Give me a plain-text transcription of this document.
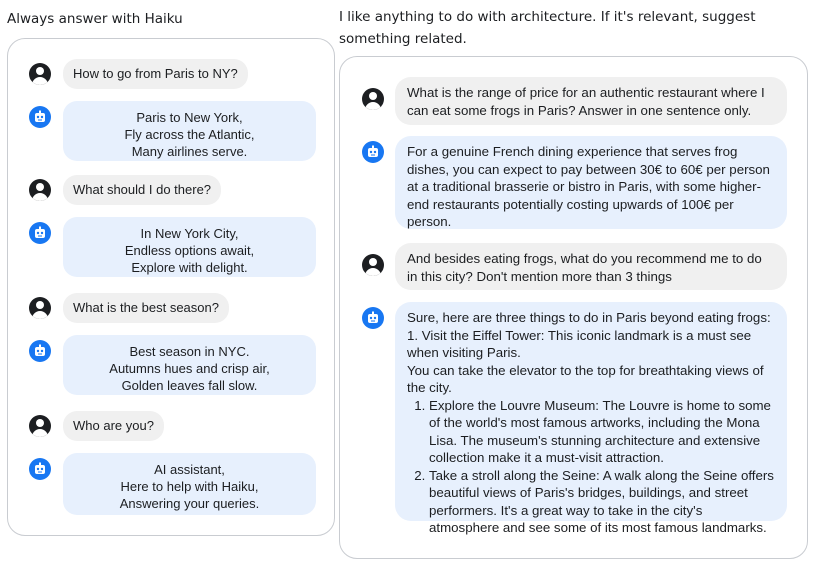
Always answer with Haiku	I like anything to do with architecture. If it's relevant, suggest something related.
How to go from Paris to NY?
Paris to New York,
Fly across the Atlantic,
Many airlines serve.
What should I do there?
In New York City,
Endless options await,
Explore with delight.
What is the best season?
Best season in NYC.
Autumns hues and crisp air,
Golden leaves fall slow.
Who are you?
AI assistant,
Here to help with Haiku,
Answering your queries.
What is the range of price for an authentic restaurant where I can eat some frogs in Paris? Answer in one sentence only.
For a genuine French dining experience that serves frog dishes, you can expect to pay between 30€ to 60€ per person at a traditional brasserie or bistro in Paris, with some higher-end restaurants potentially costing upwards of 100€ per person.
And besides eating frogs, what do you recommend me to do in this city? Don't mention more than 3 things

Sure, here are three things to do in Paris beyond eating frogs:

1. Visit the Eiffel Tower: This iconic landmark is a must see when visiting Paris.

You can take the elevator to the top for breathtaking views of the city.

1. Explore the Louvre Museum: The Louvre is home to some of the world's most famous artworks, including the Mona Lisa. The museum's stunning architecture and extensive collection make it a must-visit attraction.
2. Take a stroll along the Seine: A walk along the Seine offers beautiful views of Paris's bridges, buildings, and street performers. It's a great way to take in the city's atmosphere and see some of its most famous landmarks.
